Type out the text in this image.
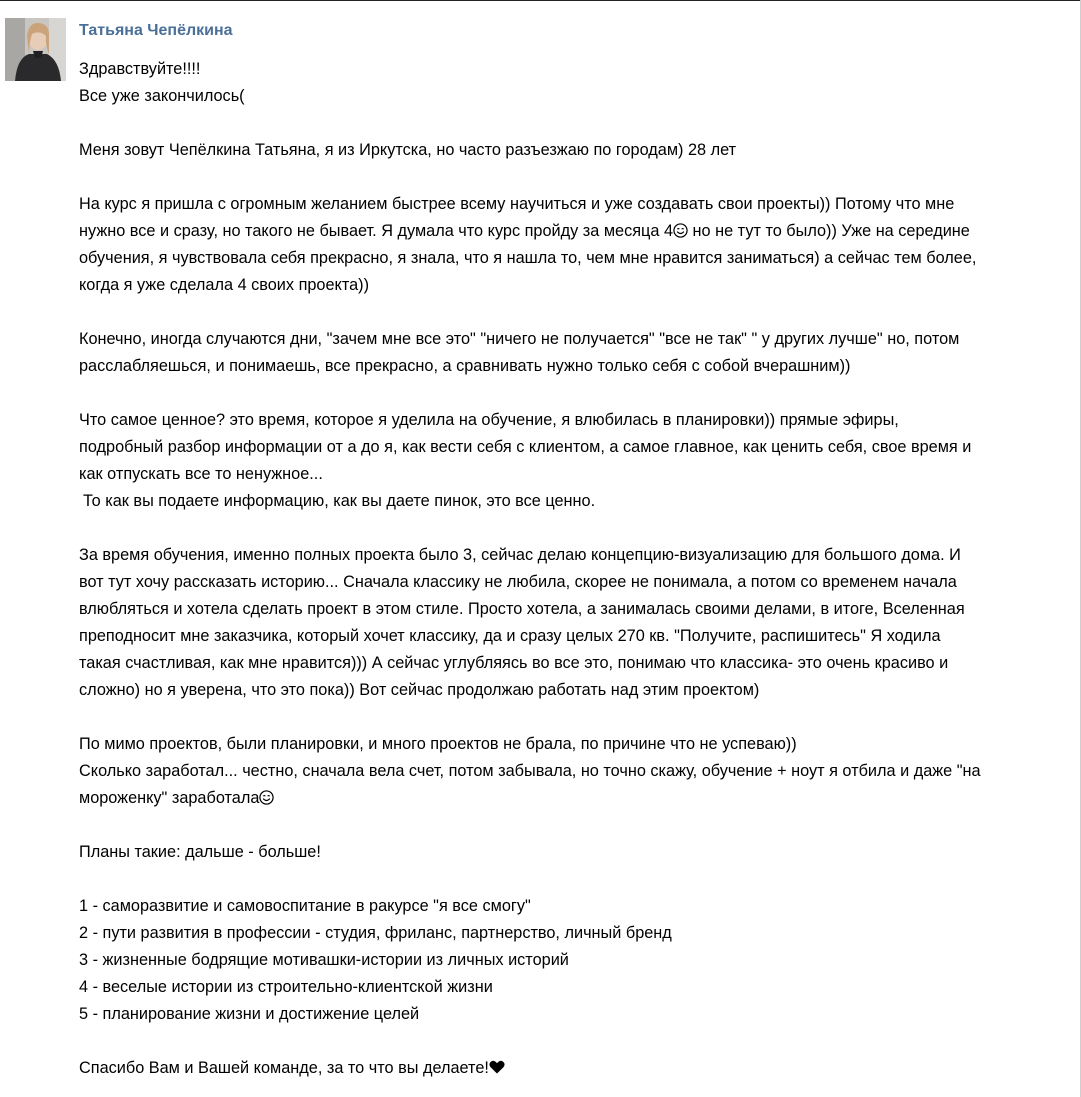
Татьяна Чепёлкина

Здравствуйте!!!!
Все уже закончилось(

Меня зовут Чепёлкина Татьяна, я из Иркутска, но часто разъезжаю по городам) 28 лет

На курс я пришла с огромным желанием быстрее всему научиться и уже создавать свои проекты)) Потому что мне
нужно все и сразу, но такого не бывает. Я думала что курс пройду за месяца 4 но не тут то было)) Уже на середине
обучения, я чувствовала себя прекрасно, я знала, что я нашла то, чем мне нравится заниматься) а сейчас тем более,
когда я уже сделала 4 своих проекта))

Конечно, иногда случаются дни, "зачем мне все это" "ничего не получается" "все не так" " у других лучше" но, потом
расслабляешься, и понимаешь, все прекрасно, а сравнивать нужно только себя с собой вчерашним))

Что самое ценное? это время, которое я уделила на обучение, я влюбилась в планировки)) прямые эфиры,
подробный разбор информации от а до я, как вести себя с клиентом, а самое главное, как ценить себя, свое время и
как отпускать все то ненужное...
То как вы подаете информацию, как вы даете пинок, это все ценно.

За время обучения, именно полных проекта было 3, сейчас делаю концепцию-визуализацию для большого дома. И
вот тут хочу рассказать историю... Сначала классику не любила, скорее не понимала, а потом со временем начала
влюбляться и хотела сделать проект в этом стиле. Просто хотела, а занималась своими делами, в итоге, Вселенная
преподносит мне заказчика, который хочет классику, да и сразу целых 270 кв. "Получите, распишитесь" Я ходила
такая счастливая, как мне нравится))) А сейчас углубляясь во все это, понимаю что классика- это очень красиво и
сложно) но я уверена, что это пока)) Вот сейчас продолжаю работать над этим проектом)

По мимо проектов, были планировки, и много проектов не брала, по причине что не успеваю))
Сколько заработал... честно, сначала вела счет, потом забывала, но точно скажу, обучение + ноут я отбила и даже "на
мороженку" заработала

Планы такие: дальше - больше!

1 - саморазвитие и самовоспитание в ракурсе "я все смогу"
2 - пути развития в профессии - студия, фриланс, партнерство, личный бренд
3 - жизненные бодрящие мотивашки-истории из личных историй
4 - веселые истории из строительно-клиентской жизни
5 - планирование жизни и достижение целей

Спасибо Вам и Вашей команде, за то что вы делаете!
